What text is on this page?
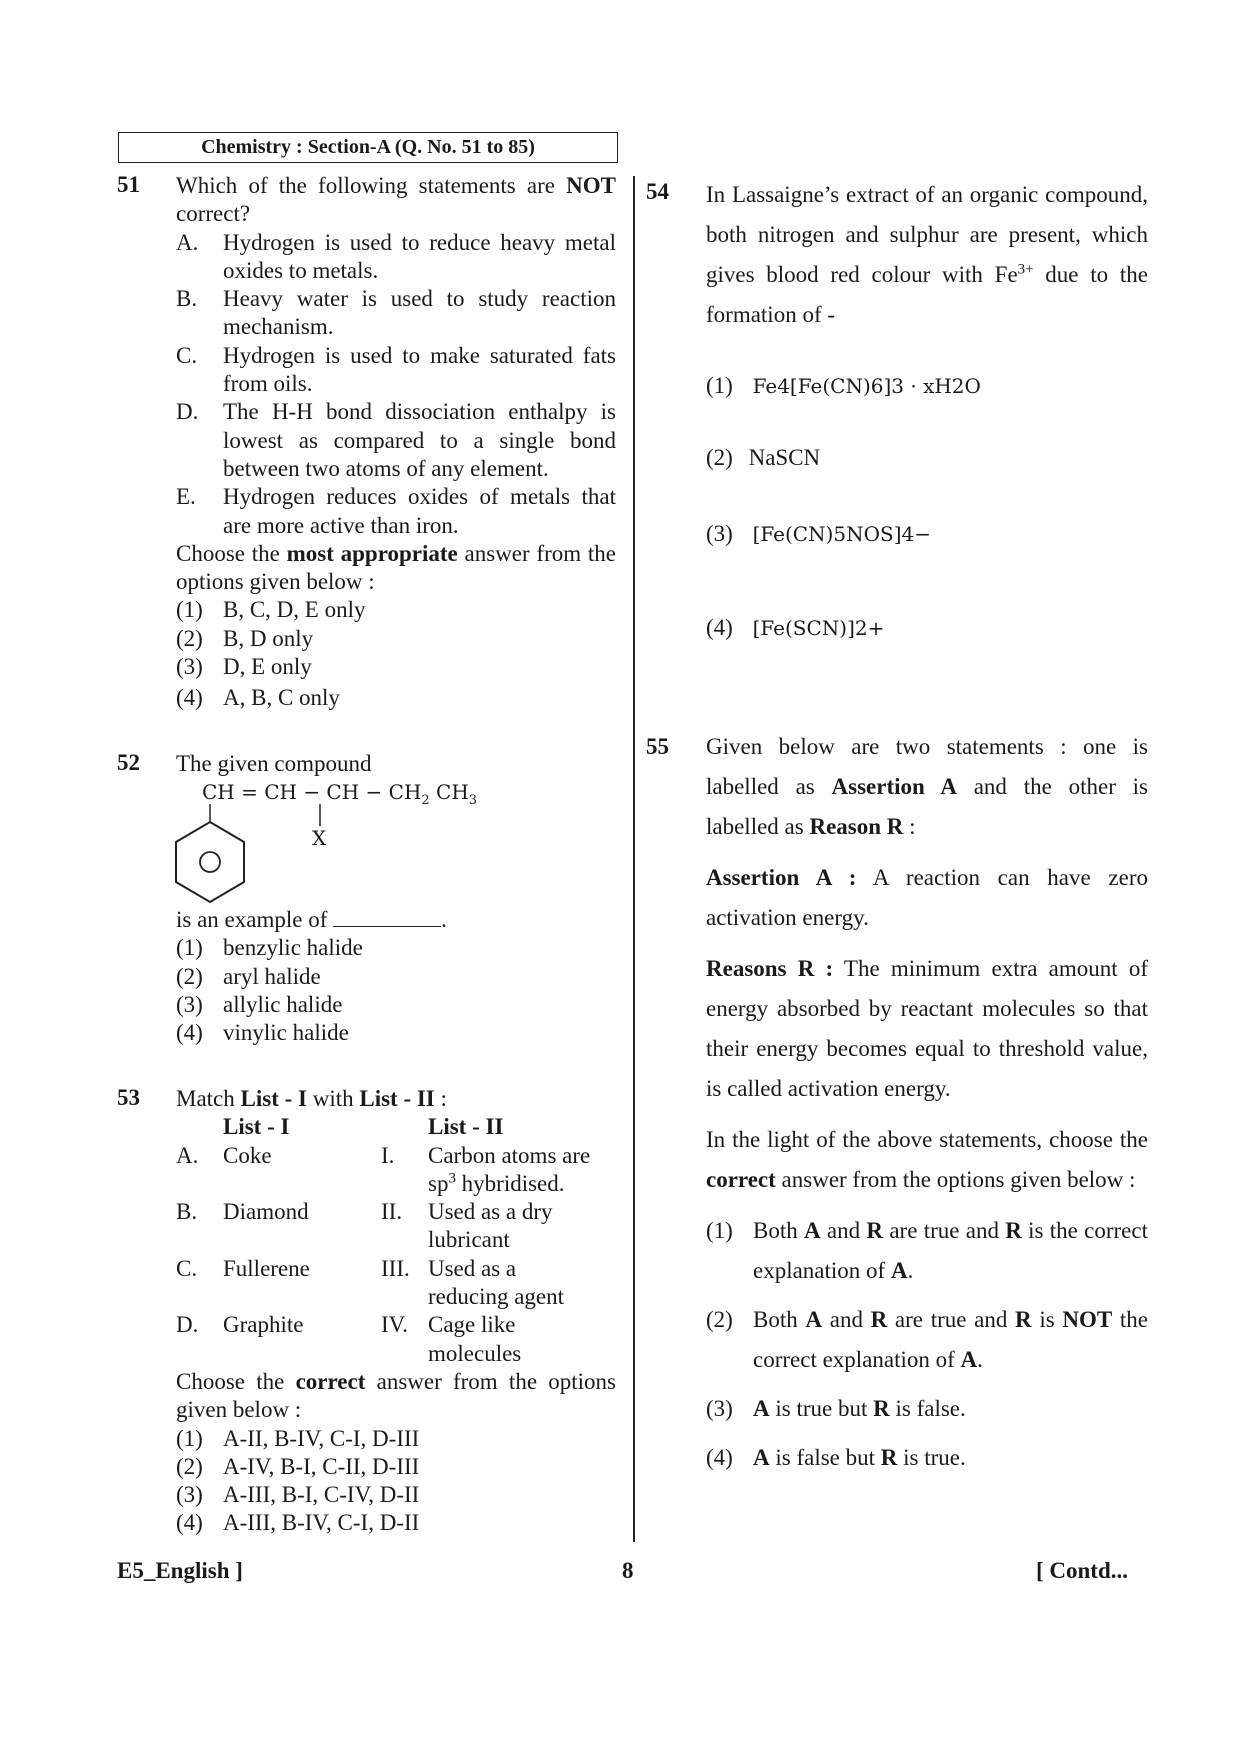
Chemistry : Section-A (Q. No. 51 to 85)
51 Which of the following statements are NOT correct?
A. Hydrogen is used to reduce heavy metal oxides to metals.
B. Heavy water is used to study reaction mechanism.
C. Hydrogen is used to make saturated fats from oils.
D. The H-H bond dissociation enthalpy is lowest as compared to a single bond between two atoms of any element.
E. Hydrogen reduces oxides of metals that are more active than iron.
Choose the most appropriate answer from the options given below :
(1) B, C, D, E only
(2) B, D only
(3) D, E only
(4) A, B, C only
52 The given compound
CH = CH − CH − $CH_2$ $CH_3$
X
is an example of	.
(1) benzylic halide
(2) aryl halide
(3) allylic halide
(4) vinylic halide
53 Match List - I with List - II :
List - I	List - II
A. Coke	I. Carbon atoms are $sp^3$ hybridised.
B. Diamond	II. Used as a dry lubricant
C. Fullerene	III. Used as a reducing agent
D. Graphite	IV. Cage like molecules
Choose the correct answer from the options given below :
(1) A-II, B-IV, C-I, D-III
(2) A-IV, B-I, C-II, D-III
(3) A-III, B-I, C-IV, D-II
(4) A-III, B-IV, C-I, D-II
54 In Lassaigne’s extract of an organic compound, both nitrogen and sulphur are present, which gives blood red colour with $Fe^{3+}$ due to the formation of -
(1) Fe4[Fe(CN)6]3 · xH2O
(2) NaSCN
(3) [Fe(CN)5NOS]4−
(4) [Fe(SCN)]2+
55 Given below are two statements : one is labelled as Assertion A and the other is labelled as Reason R :
Assertion A : A reaction can have zero activation energy.
Reasons R : The minimum extra amount of energy absorbed by reactant molecules so that their energy becomes equal to threshold value, is called activation energy.
In the light of the above statements, choose the correct answer from the options given below :
(1) Both A and R are true and R is the correct explanation of A.
(2) Both A and R are true and R is NOT the correct explanation of A.
(3) A is true but R is false.
(4) A is false but R is true.
E5_English ]	8	[ Contd...
